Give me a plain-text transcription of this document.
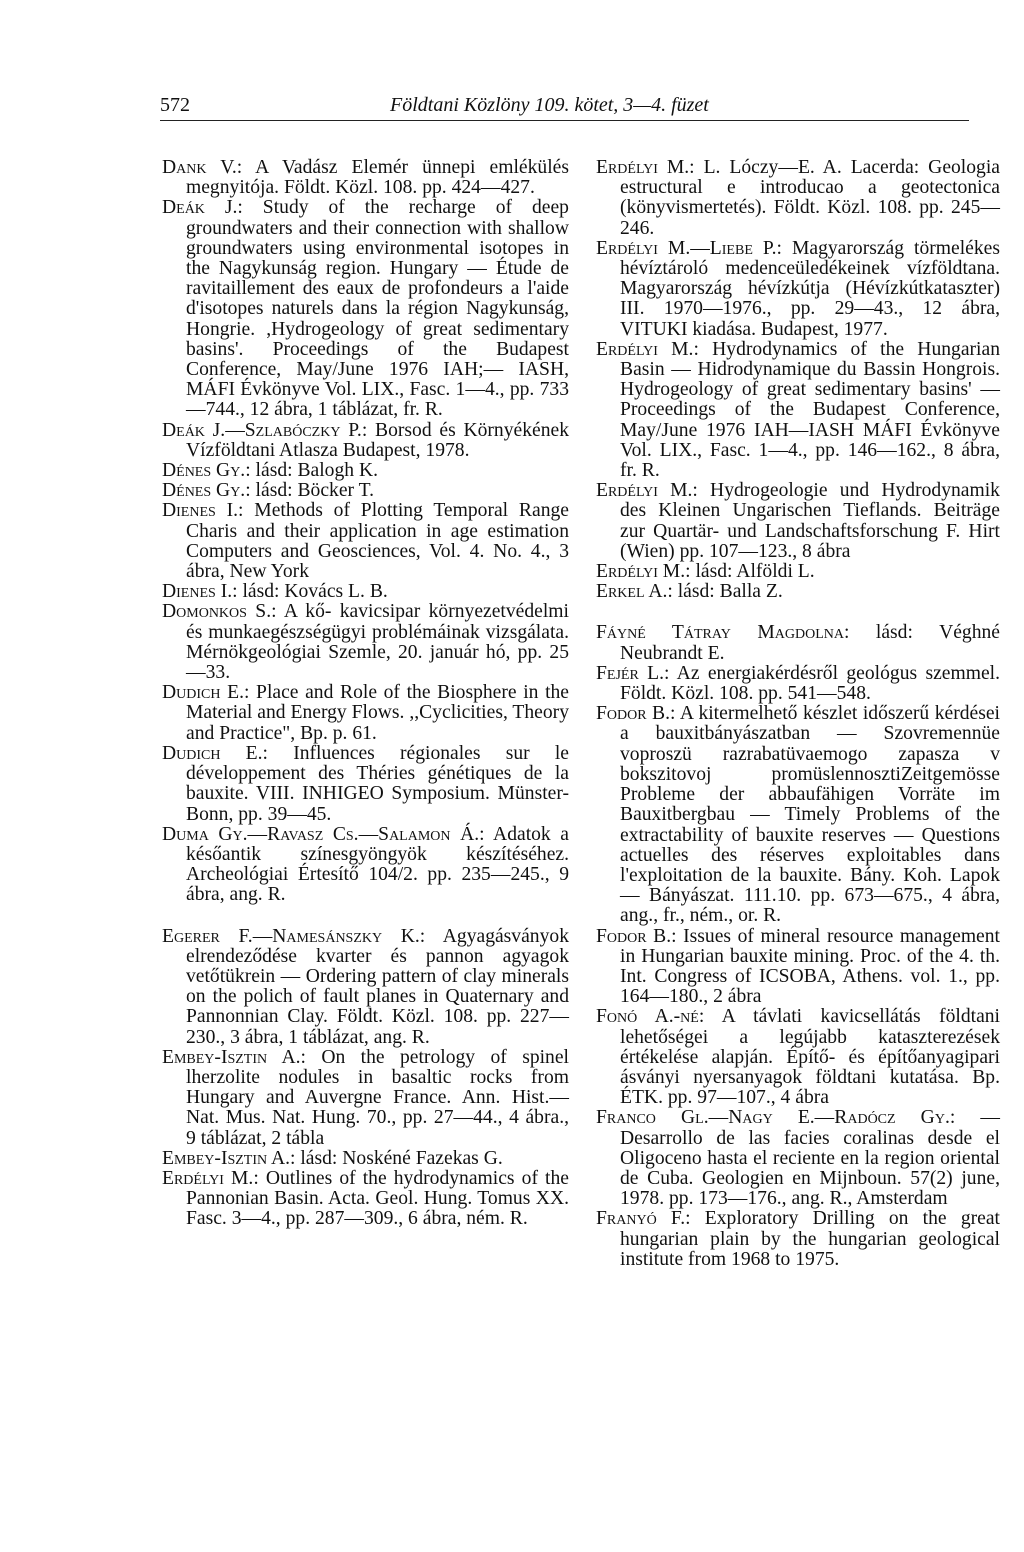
572	Földtani Közlöny 109. kötet, 3—4. füzet

Dank V.: A Vadász Elemér ünnepi emlékülés megnyitója. Földt. Közl. 108. pp. 424—427.

Deák J.: Study of the recharge of deep groundwaters and their connection with shallow groundwaters using environmental isotopes in the Nagykunság region. Hungary — Étude de ravitaillement des eaux de profondeurs a l'aide d'isotopes naturels dans la région Nagykunság, Hongrie. ,Hydrogeology of great sedimentary basins'. Proceedings of the Budapest Conference, May/June 1976 IAH;— IASH, MÁFI Évkönyve Vol. LIX., Fasc. 1—4., pp. 733—744., 12 ábra, 1 táblázat, fr. R.

Deák J.—Szlabóczky P.: Borsod és Környékének Vízföldtani Atlasza Budapest, 1978.

Dénes Gy.: lásd: Balogh K.

Dénes Gy.: lásd: Böcker T.

Dienes I.: Methods of Plotting Temporal Range Charis and their application in age estimation Computers and Geosciences, Vol. 4. No. 4., 3 ábra, New York

Dienes I.: lásd: Kovács L. B.

Domonkos S.: A kő- kavicsipar környezetvédelmi és munkaegészségügyi problémáinak vizsgálata. Mérnökgeológiai Szemle, 20. január hó, pp. 25—33.

Dudich E.: Place and Role of the Biosphere in the Material and Energy Flows. ,,Cyclicities, Theory and Practice", Bp. p. 61.

Dudich E.: Influences régionales sur le développement des Théries génétiques de la bauxite. VIII. INHIGEO Symposium. Münster-Bonn, pp. 39—45.

Duma Gy.—Ravasz Cs.—Salamon Á.: Adatok a későantik színesgyöngyök készítéséhez. Archeológiai Értesítő 104/2. pp. 235—245., 9 ábra, ang. R.

Egerer F.—Namesánszky K.: Agyagásványok elrendeződése kvarter és pannon agyagok vetőtükrein — Ordering pattern of clay minerals on the polich of fault planes in Quaternary and Pannonnian Clay. Földt. Közl. 108. pp. 227—230., 3 ábra, 1 táblázat, ang. R.

Embey-Isztin A.: On the petrology of spinel lherzolite nodules in basaltic rocks from Hungary and Auvergne France. Ann. Hist.—Nat. Mus. Nat. Hung. 70., pp. 27—44., 4 ábra., 9 táblázat, 2 tábla

Embey-Isztin A.: lásd: Noskéné Fazekas G.

Erdélyi M.: Outlines of the hydrodynamics of the Pannonian Basin. Acta. Geol. Hung. Tomus XX. Fasc. 3—4., pp. 287—309., 6 ábra, ném. R.

Erdélyi M.: L. Lóczy—E. A. Lacerda: Geologia estructural e introducao a geotectonica (könyvismertetés). Földt. Közl. 108. pp. 245—246.

Erdélyi M.—Liebe P.: Magyarország törmelékes hévíztároló medenceüledékeinek vízföldtana. Magyarország hévízkútja (Hévízkútkataszter) III. 1970—1976., pp. 29—43., 12 ábra, VITUKI kiadása. Budapest, 1977.

Erdélyi M.: Hydrodynamics of the Hungarian Basin — Hidrodynamique du Bassin Hongrois. Hydrogeology of great sedimentary basins' — Proceedings of the Budapest Conference, May/June 1976 IAH—IASH MÁFI Évkönyve Vol. LIX., Fasc. 1—4., pp. 146—162., 8 ábra, fr. R.

Erdélyi M.: Hydrogeologie und Hydrodynamik des Kleinen Ungarischen Tieflands. Beiträge zur Quartär- und Landschaftsforschung F. Hirt (Wien) pp. 107—123., 8 ábra

Erdélyi M.: lásd: Alföldi L.

Erkel A.: lásd: Balla Z.

Fáyné Tátray Magdolna: lásd: Véghné Neubrandt E.

Fejér L.: Az energiakérdésről geológus szemmel. Földt. Közl. 108. pp. 541—548.

Fodor B.: A kitermelhető készlet időszerű kérdései a bauxitbányászatban — Szovremennüe voproszü razrabatüvaemogo zapasza v bokszitovoj promüslennosztiZeitgemösse Probleme der abbaufähigen Vorräte im Bauxitbergbau — Timely Problems of the extractability of bauxite reserves — Questions actuelles des réserves exploitables dans l'exploitation de la bauxite. Bány. Koh. Lapok — Bányászat. 111.10. pp. 673—675., 4 ábra, ang., fr., ném., or. R.

Fodor B.: Issues of mineral resource management in Hungarian bauxite mining. Proc. of the 4. th. Int. Congress of ICSOBA, Athens. vol. 1., pp. 164—180., 2 ábra

Fonó A.-né: A távlati kavicsellátás földtani lehetőségei a legújabb kataszterezések értékelése alapján. Építő- és építőanyagipari ásványi nyersanyagok földtani kutatása. Bp. ÉTK. pp. 97—107., 4 ábra

Franco Gl.—Nagy E.—Radócz Gy.: — Desarrollo de las facies coralinas desde el Oligoceno hasta el reciente en la region oriental de Cuba. Geologien en Mijnboun. 57(2) june, 1978. pp. 173—176., ang. R., Amsterdam

Franyó F.: Exploratory Drilling on the great hungarian plain by the hungarian geological institute from 1968 to 1975.
